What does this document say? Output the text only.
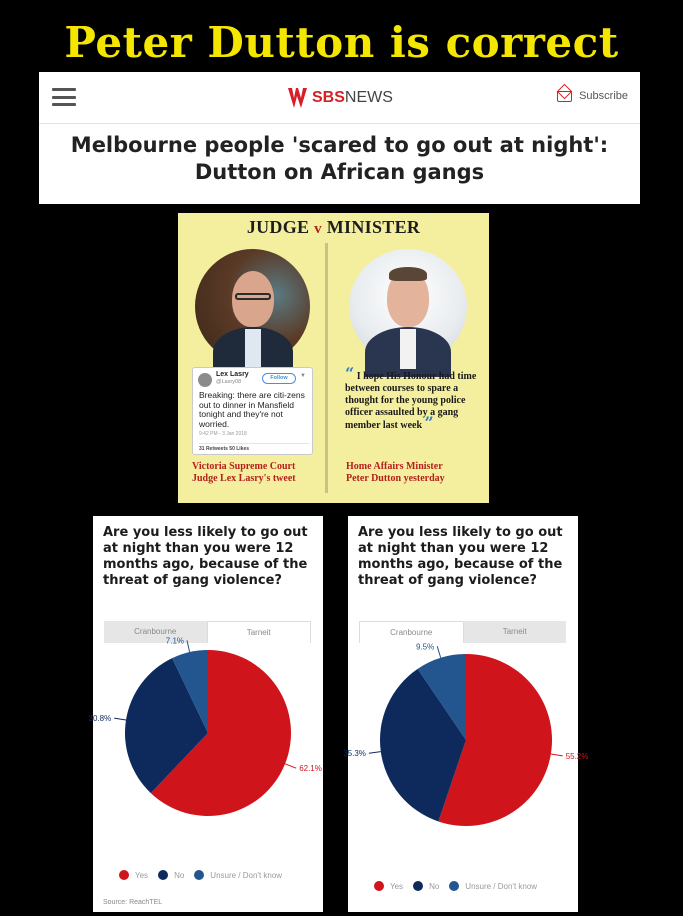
Peter Dutton is correct
SBSNEWS	Subscribe
Melbourne people 'scared to go out at night':
Dutton on African gangs
JUDGE v MINISTER
Lex Lasry
@Lasry08
Follow	▼
Breaking: there are citi-zens out to dinner in Mansfield tonight and they're not worried.
9:42 PM - 3 Jan 2018
31 Retweets 50 Likes
“ I hope His Honour had time between courses to spare a thought for the young police officer assaulted by a gang member last week ”
Victoria Supreme Court
Judge Lex Lasry's tweet
Home Affairs Minister
Peter Dutton yesterday
Are you less likely to go out at night than you were 12 months ago, because of the threat of gang violence?
Cranbourne	Tarneit
62.1%
30.8%
7.1%
Yes	No	Unsure / Don't know
Source: ReachTEL
Are you less likely to go out at night than you were 12 months ago, because of the threat of gang violence?
Cranbourne	Tarneit
55.2%
35.3%
9.5%
Yes	No	Unsure / Don't know
